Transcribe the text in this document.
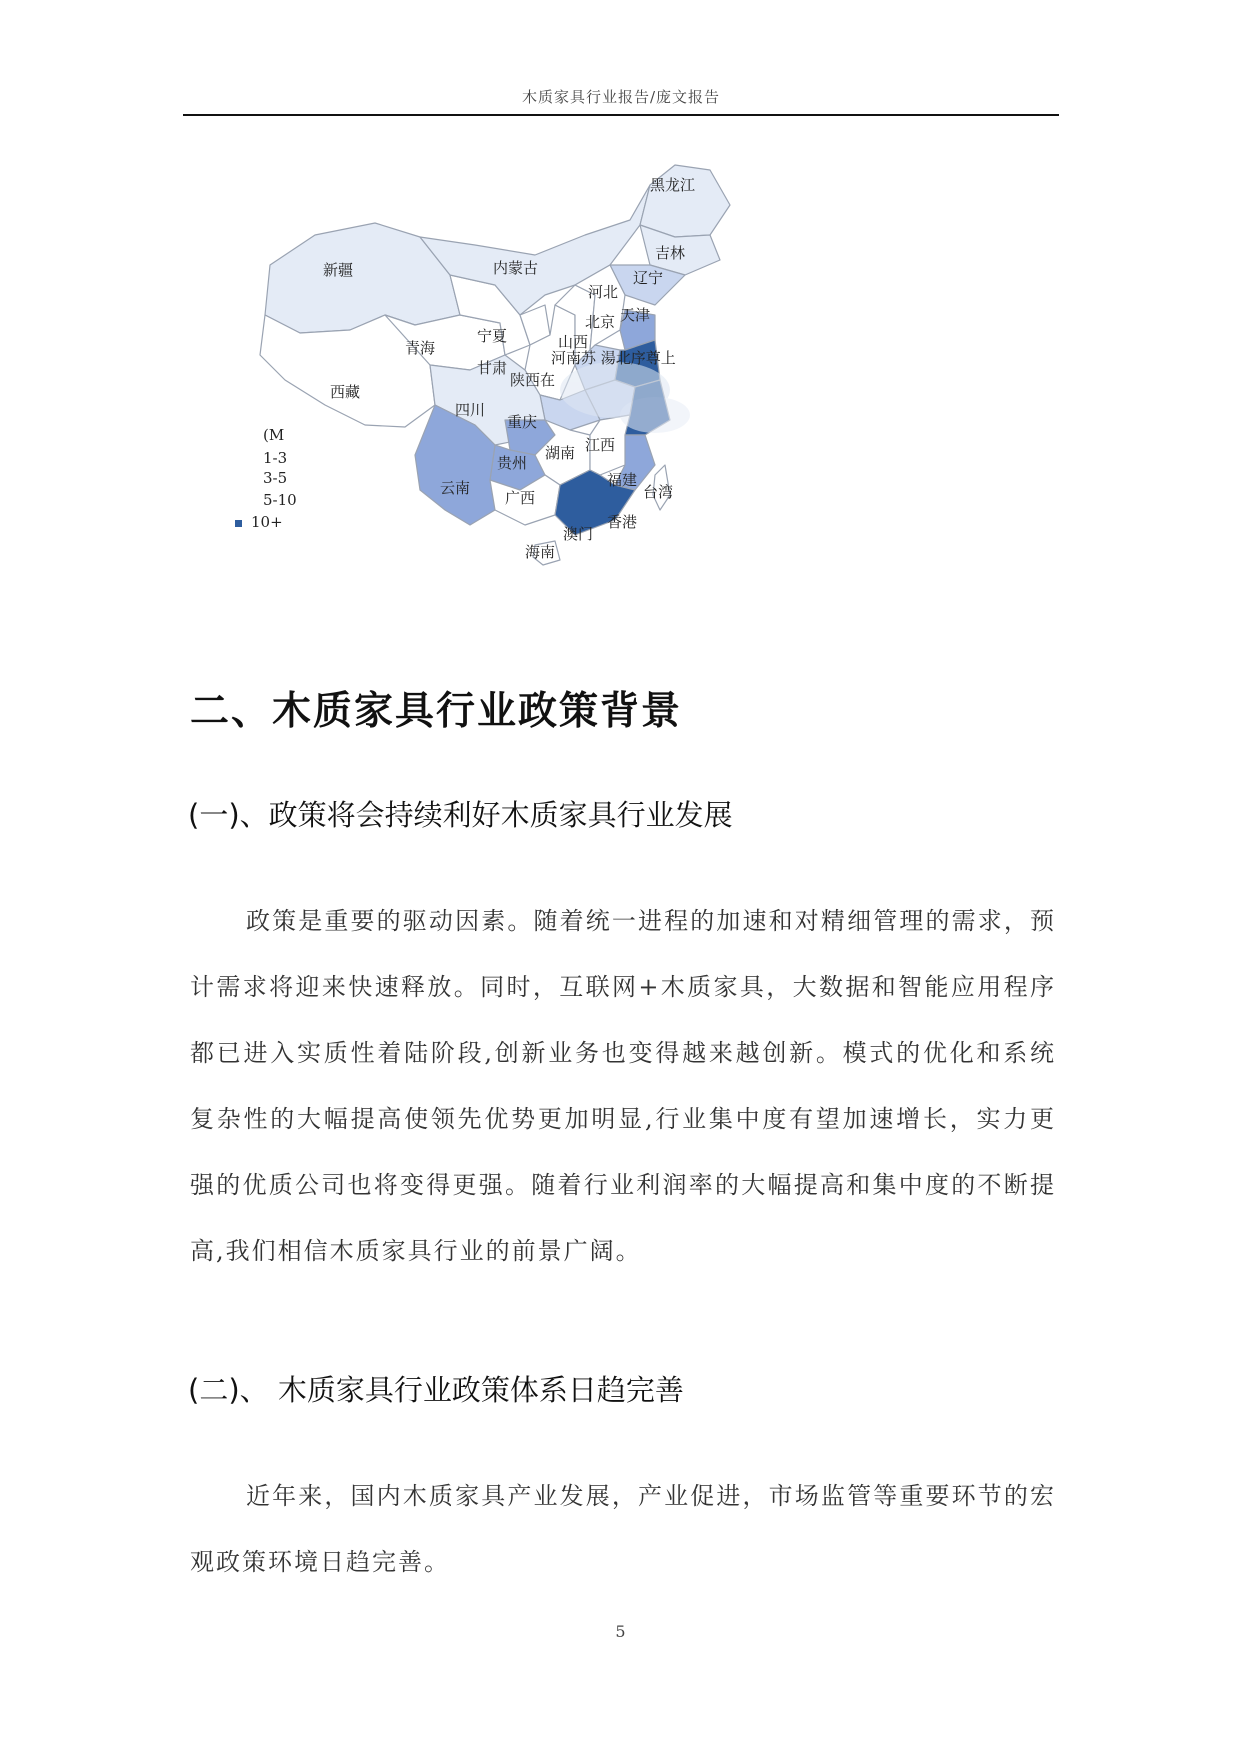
木质家具行业报告/庞文报告
黑龙江
吉林
辽宁
内蒙古
新疆
河北
北京 天津
宁夏
青海
甘肃
山西
河南苏 湯北序尊上
陕西在
西藏
四川
重庆
贵州
湖南 江西
福建
云南
广西	台湾
香港
澳门
海南
(M
1-3
3-5
5-10
10+
二、木质家具行业政策背景
(一)、政策将会持续利好木质家具行业发展
政策是重要的驱动因素。随着统一进程的加速和对精细管理的需求，预计需求将迎来快速释放。同时，互联网+木质家具，大数据和智能应用程序都已进入实质性着陆阶段,创新业务也变得越来越创新。模式的优化和系统复杂性的大幅提高使领先优势更加明显,行业集中度有望加速增长，实力更强的优质公司也将变得更强。随着行业利润率的大幅提高和集中度的不断提高,我们相信木质家具行业的前景广阔。
(二)、 木质家具行业政策体系日趋完善
近年来，国内木质家具产业发展，产业促进，市场监管等重要环节的宏观政策环境日趋完善。
5
